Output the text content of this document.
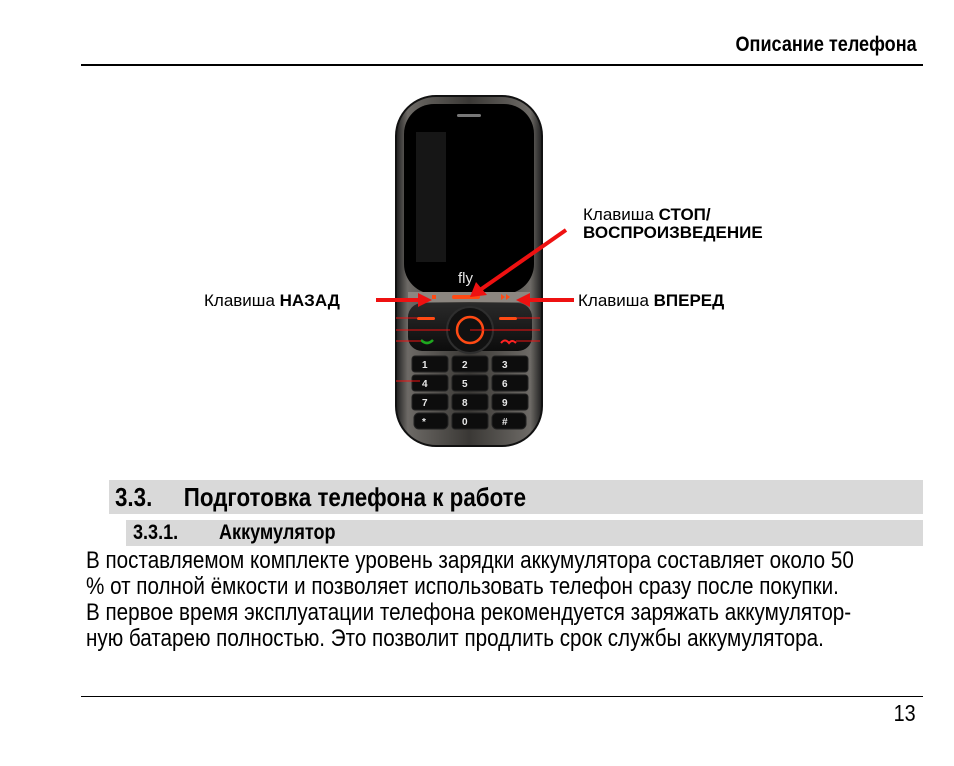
Описание телефона
fly
1	2	3
4	5	6
7	8	9
*	0	#
Клавиша СТОП/
ВОСПРОИЗВЕДЕНИЕ
Клавиша НАЗАД	Клавиша ВПЕРЕД
3.3. Подготовка телефона к работе
3.3.1. Аккумулятор
В поставляемом комплекте уровень зарядки аккумулятора составляет около 50
% от полной ёмкости и позволяет использовать телефон сразу после покупки.
В первое время эксплуатации телефона рекомендуется заряжать аккумулятор-
ную батарею полностью. Это позволит продлить срок службы аккумулятора.
13
